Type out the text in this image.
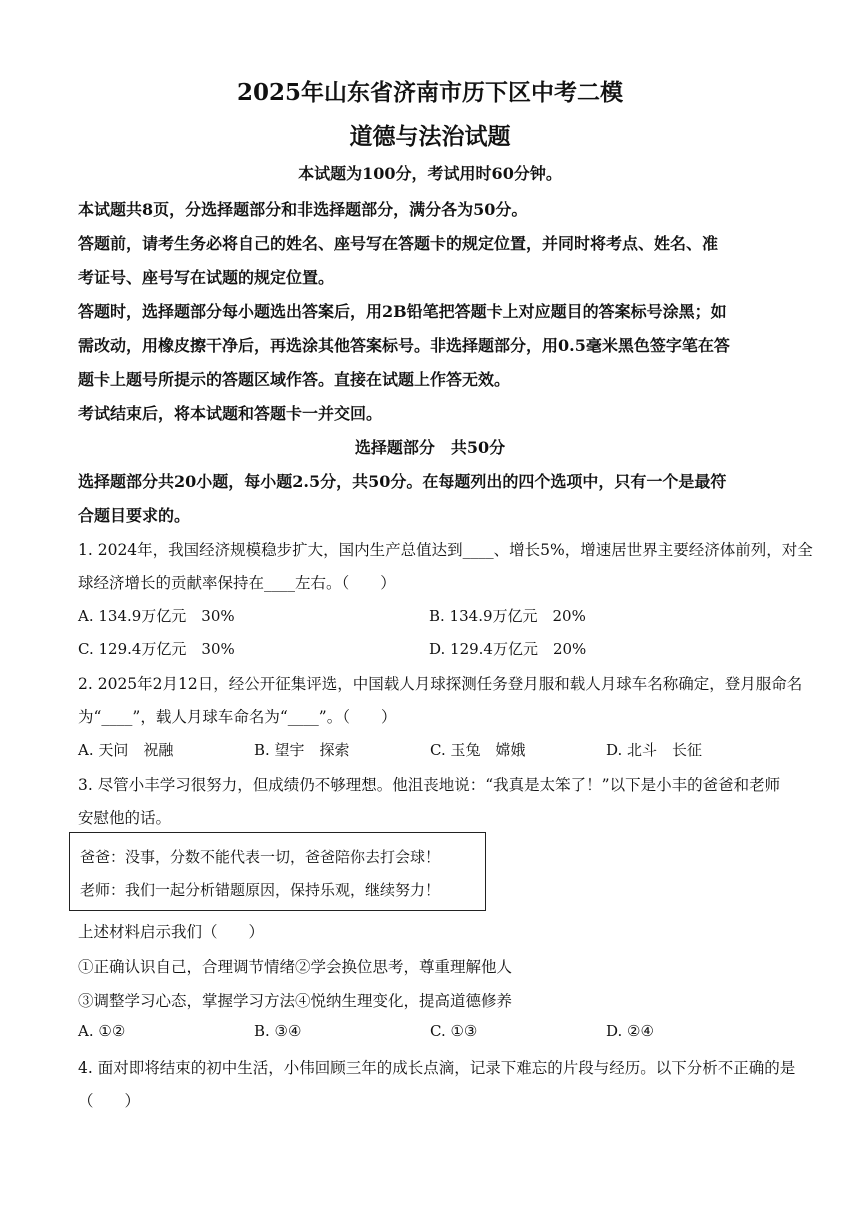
2025年山东省济南市历下区中考二模
道德与法治试题
本试题为100分，考试用时60分钟。
本试题共8页，分选择题部分和非选择题部分，满分各为50分。
答题前，请考生务必将自己的姓名、座号写在答题卡的规定位置，并同时将考点、姓名、准
考证号、座号写在试题的规定位置。
答题时，选择题部分每小题选出答案后，用2B铅笔把答题卡上对应题目的答案标号涂黑；如
需改动，用橡皮擦干净后，再选涂其他答案标号。非选择题部分，用0.5毫米黑色签字笔在答
题卡上题号所提示的答题区域作答。直接在试题上作答无效。
考试结束后，将本试题和答题卡一并交回。
选择题部分　共50分
选择题部分共20小题，每小题2.5分，共50分。在每题列出的四个选项中，只有一个是最符
合题目要求的。
1. 2024年，我国经济规模稳步扩大，国内生产总值达到____、增长5%，增速居世界主要经济体前列，对全
球经济增长的贡献率保持在____左右。（　　）
A. 134.9万亿元　30%	B. 134.9万亿元　20%
C. 129.4万亿元　30%	D. 129.4万亿元　20%
2. 2025年2月12日，经公开征集评选，中国载人月球探测任务登月服和载人月球车名称确定，登月服命名
为“____”，载人月球车命名为“____”。（　　）
A. 天问　祝融	B. 望宇　探索	C. 玉兔　嫦娥	D. 北斗　长征
3. 尽管小丰学习很努力，但成绩仍不够理想。他沮丧地说：“我真是太笨了！”以下是小丰的爸爸和老师
安慰他的话。
爸爸：没事，分数不能代表一切，爸爸陪你去打会球！
老师：我们一起分析错题原因，保持乐观，继续努力！
上述材料启示我们（　　）
①正确认识自己，合理调节情绪②学会换位思考，尊重理解他人
③调整学习心态，掌握学习方法④悦纳生理变化，提高道德修养
A. ①②	B. ③④	C. ①③	D. ②④
4. 面对即将结束的初中生活，小伟回顾三年的成长点滴，记录下难忘的片段与经历。以下分析不正确的是
（　　）
